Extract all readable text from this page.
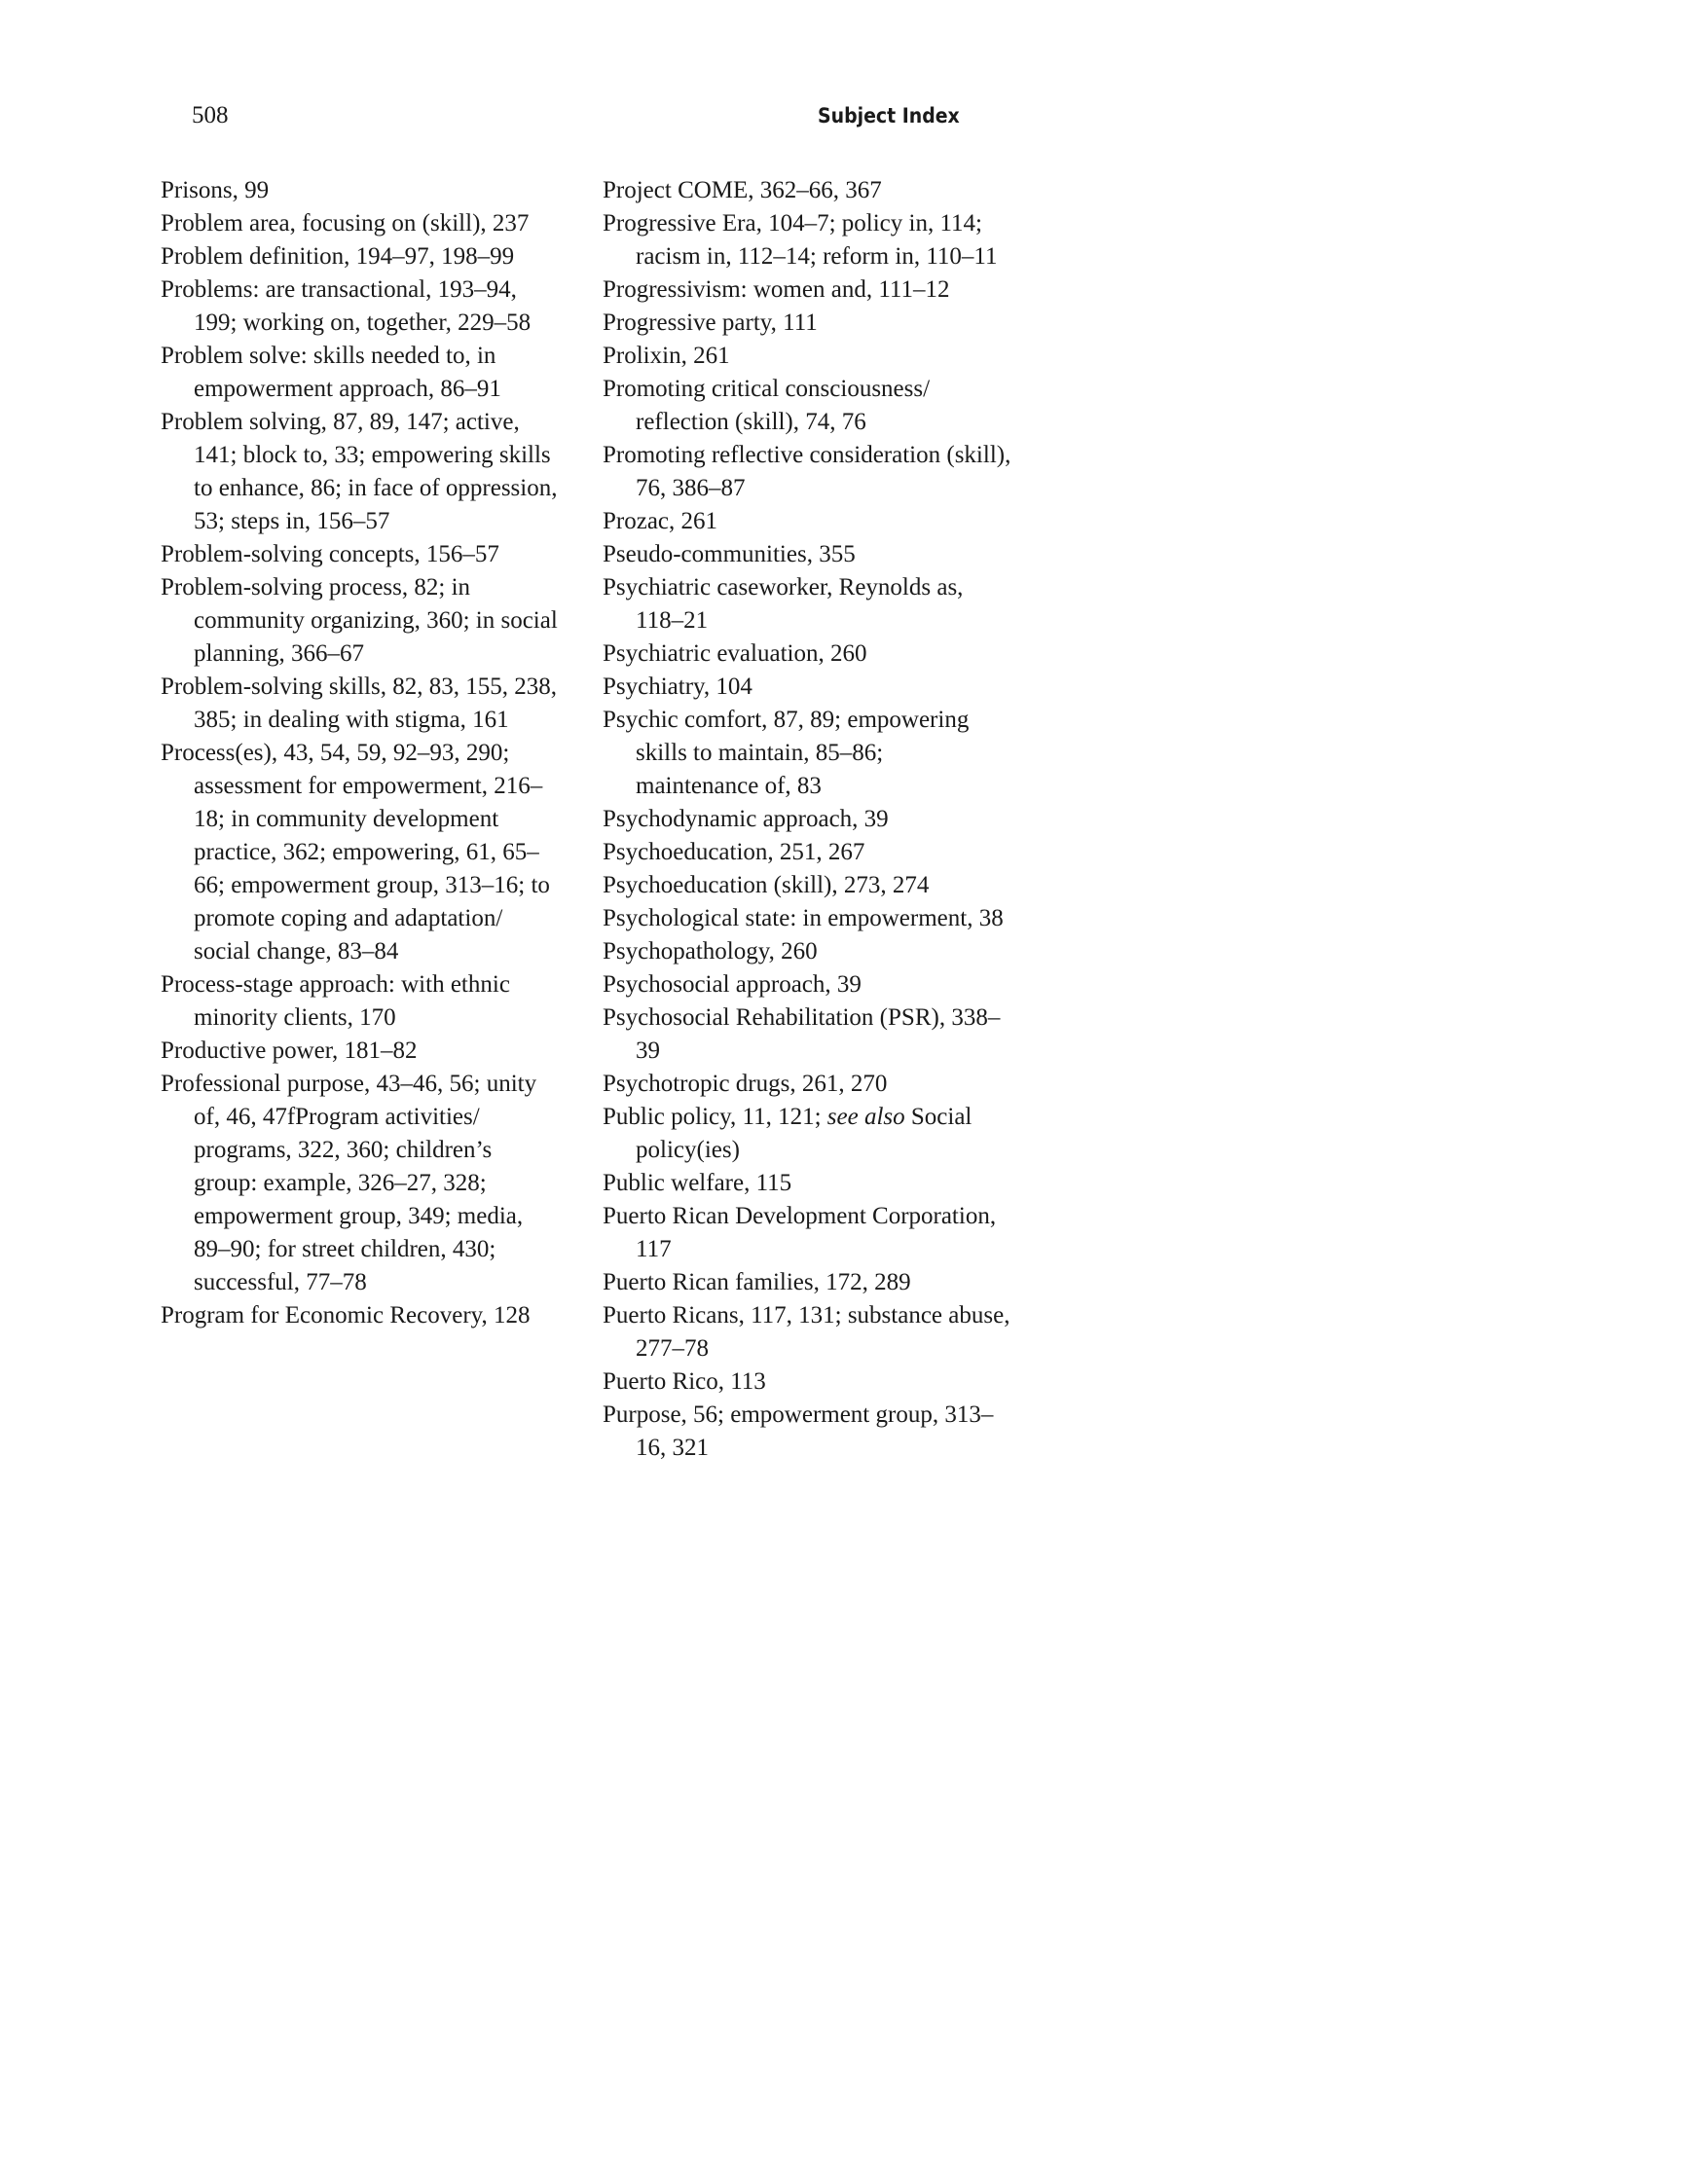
508	Subject Index
Prisons, 99
Problem area, focusing on (skill), 237
Problem definition, 194–97, 198–99
Problems: are transactional, 193–94, 199; working on, together, 229–58
Problem solve: skills needed to, in empowerment approach, 86–91
Problem solving, 87, 89, 147; active, 141; block to, 33; empowering skills to enhance, 86; in face of oppression, 53; steps in, 156–57
Problem-solving concepts, 156–57
Problem-solving process, 82; in community organizing, 360; in social planning, 366–67
Problem-solving skills, 82, 83, 155, 238, 385; in dealing with stigma, 161
Process(es), 43, 54, 59, 92–93, 290; assessment for empowerment, 216–18; in community development practice, 362; empowering, 61, 65–66; empowerment group, 313–16; to promote coping and adaptation/ social change, 83–84
Process-stage approach: with ethnic minority clients, 170
Productive power, 181–82
Professional purpose, 43–46, 56; unity of, 46, 47fProgram activities/ programs, 322, 360; children’s group: example, 326–27, 328; empowerment group, 349; media, 89–90; for street children, 430; successful, 77–78
Program for Economic Recovery, 128
Project COME, 362–66, 367
Progressive Era, 104–7; policy in, 114; racism in, 112–14; reform in, 110–11
Progressivism: women and, 111–12
Progressive party, 111
Prolixin, 261
Promoting critical consciousness/ reflection (skill), 74, 76
Promoting reflective consideration (skill), 76, 386–87
Prozac, 261
Pseudo-communities, 355
Psychiatric caseworker, Reynolds as, 118–21
Psychiatric evaluation, 260
Psychiatry, 104
Psychic comfort, 87, 89; empowering skills to maintain, 85–86; maintenance of, 83
Psychodynamic approach, 39
Psychoeducation, 251, 267
Psychoeducation (skill), 273, 274
Psychological state: in empowerment, 38
Psychopathology, 260
Psychosocial approach, 39
Psychosocial Rehabilitation (PSR), 338–39
Psychotropic drugs, 261, 270
Public policy, 11, 121; see also Social policy(ies)
Public welfare, 115
Puerto Rican Development Corporation, 117
Puerto Rican families, 172, 289
Puerto Ricans, 117, 131; substance abuse, 277–78
Puerto Rico, 113
Purpose, 56; empowerment group, 313–16, 321
